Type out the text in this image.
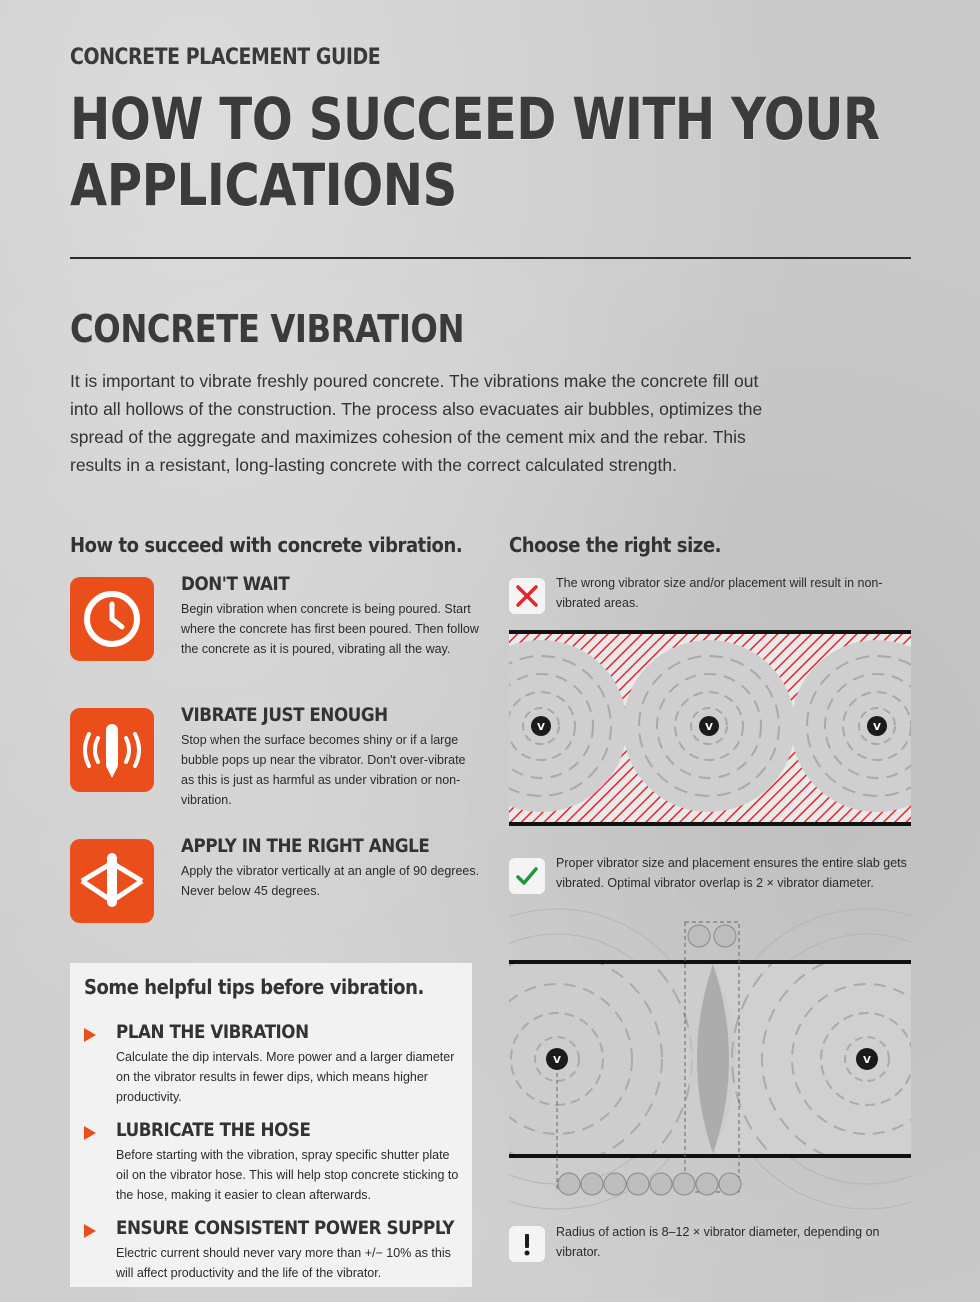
CONCRETE PLACEMENT GUIDE
HOW TO SUCCEED WITH YOUR
APPLICATIONS
CONCRETE VIBRATION
It is important to vibrate freshly poured concrete. The vibrations make the concrete fill out into all hollows of the construction. The process also evacuates air bubbles, optimizes the spread of the aggregate and maximizes cohesion of the cement mix and the rebar. This results in a resistant, long-lasting concrete with the correct calculated strength.
How to succeed with concrete vibration.
DON'T WAIT
Begin vibration when concrete is being poured. Start where the concrete has first been poured. Then follow the concrete as it is poured, vibrating all the way.
VIBRATE JUST ENOUGH
Stop when the surface becomes shiny or if a large bubble pops up near the vibrator. Don't over-vibrate as this is just as harmful as under vibration or non-vibration.
APPLY IN THE RIGHT ANGLE
Apply the vibrator vertically at an angle of 90 degrees. Never below 45 degrees.
Some helpful tips before vibration.
PLAN THE VIBRATION
Calculate the dip intervals. More power and a larger diameter on the vibrator results in fewer dips, which means higher productivity.
LUBRICATE THE HOSE
Before starting with the vibration, spray specific shutter plate oil on the vibrator hose. This will help stop concrete sticking to the hose, making it easier to clean afterwards.
ENSURE CONSISTENT POWER SUPPLY
Electric current should never vary more than +/− 10% as this will affect productivity and the life of the vibrator.
Choose the right size.
The wrong vibrator size and/or placement will result in non-vibrated areas.
V	V	V
Proper vibrator size and placement ensures the entire slab gets vibrated. Optimal vibrator overlap is 2 × vibrator diameter.
V	V
Radius of action is 8–12 × vibrator diameter, depending on vibrator.
